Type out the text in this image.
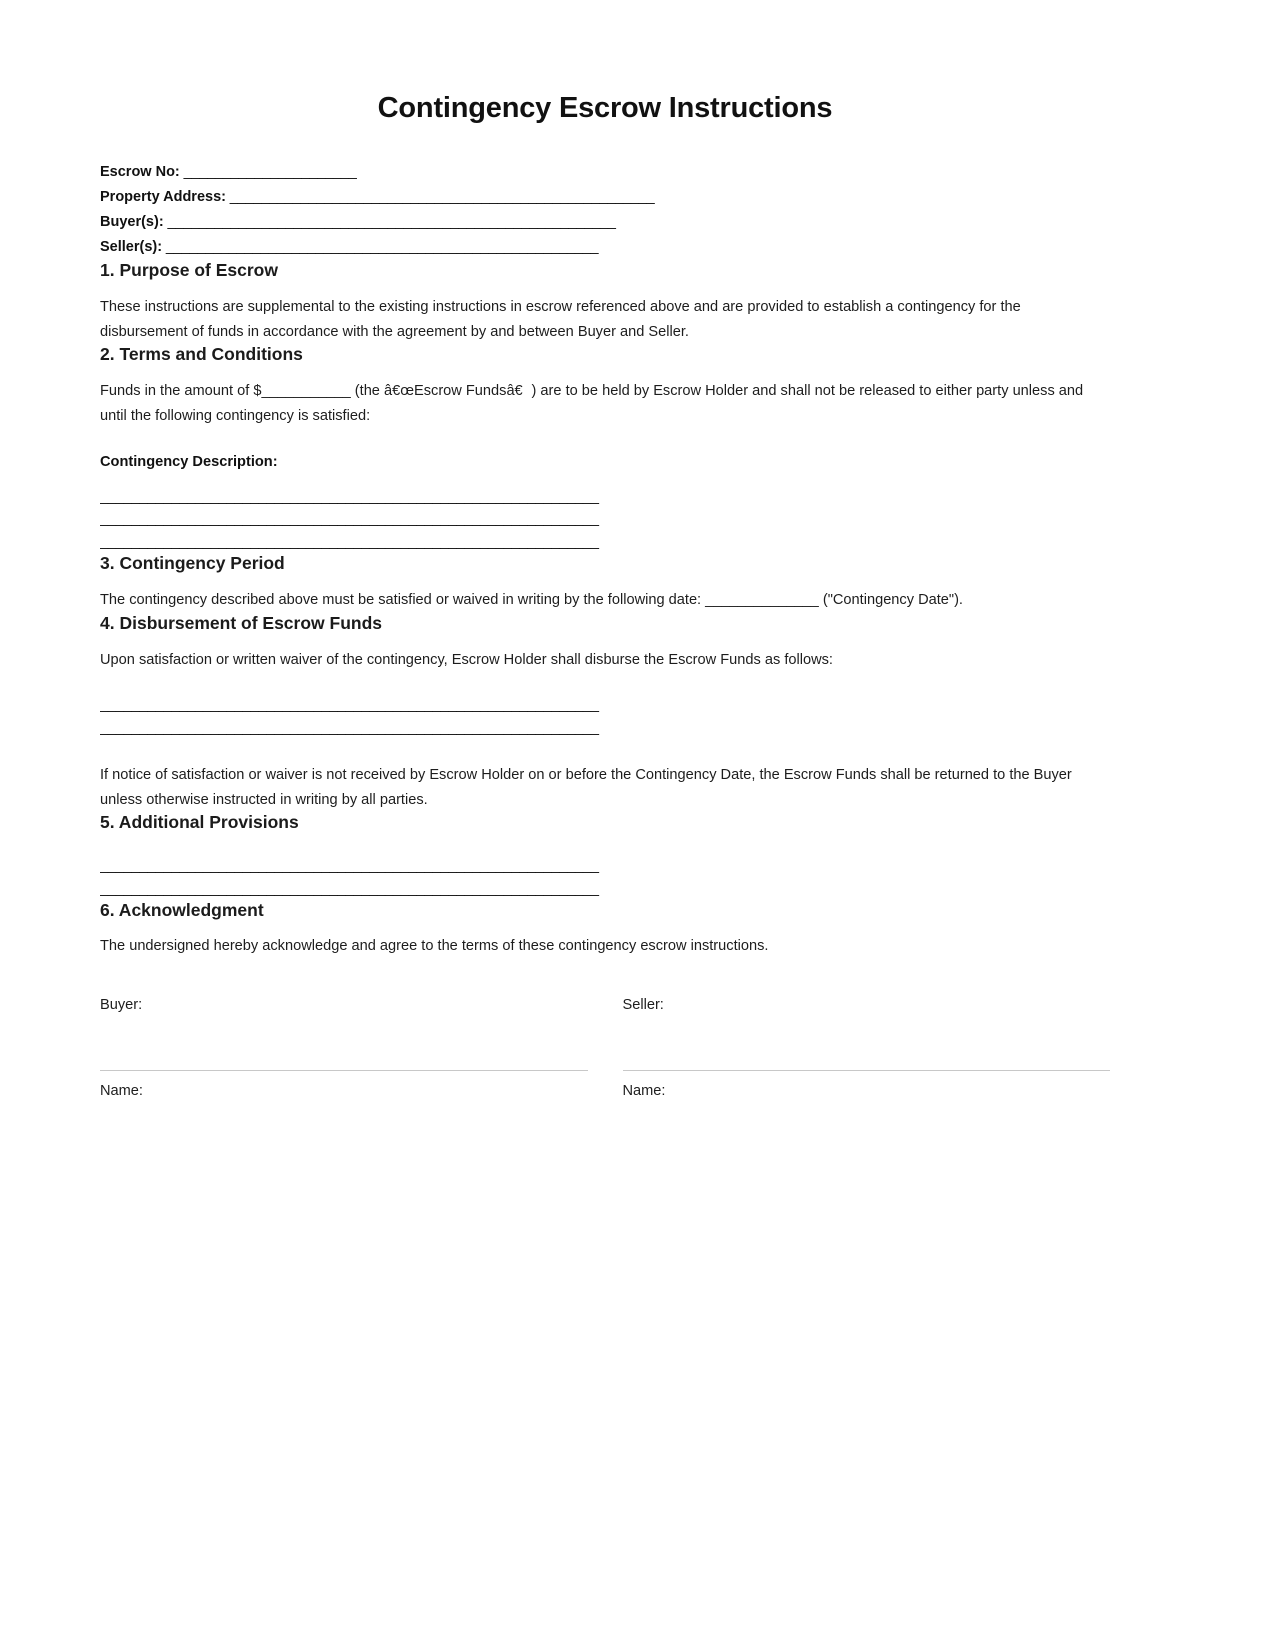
Contingency Escrow Instructions
Escrow No: ______________________
Property Address: ______________________________________________________
Buyer(s): _________________________________________________________
Seller(s): _______________________________________________________
1. Purpose of Escrow

These instructions are supplemental to the existing instructions in escrow referenced above and are provided to establish a contingency for the disbursement of funds in accordance with the agreement by and between Buyer and Seller.

2. Terms and Conditions

Funds in the amount of $___________ (the â€œEscrow Fundsâ€) are to be held by Escrow Holder and shall not be released to either party unless and until the following contingency is satisfied:

Contingency Description:
_______________________________________________________________
_______________________________________________________________
_______________________________________________________________
3. Contingency Period

The contingency described above must be satisfied or waived in writing by the following date: ______________ ("Contingency Date").

4. Disbursement of Escrow Funds

Upon satisfaction or written waiver of the contingency, Escrow Holder shall disburse the Escrow Funds as follows:

_______________________________________________________________
_______________________________________________________________

If notice of satisfaction or waiver is not received by Escrow Holder on or before the Contingency Date, the Escrow Funds shall be returned to the Buyer unless otherwise instructed in writing by all parties.

5. Additional Provisions
_______________________________________________________________
_______________________________________________________________
6. Acknowledgment

The undersigned hereby acknowledge and agree to the terms of these contingency escrow instructions.

Buyer:
Name:
Seller:
Name:
